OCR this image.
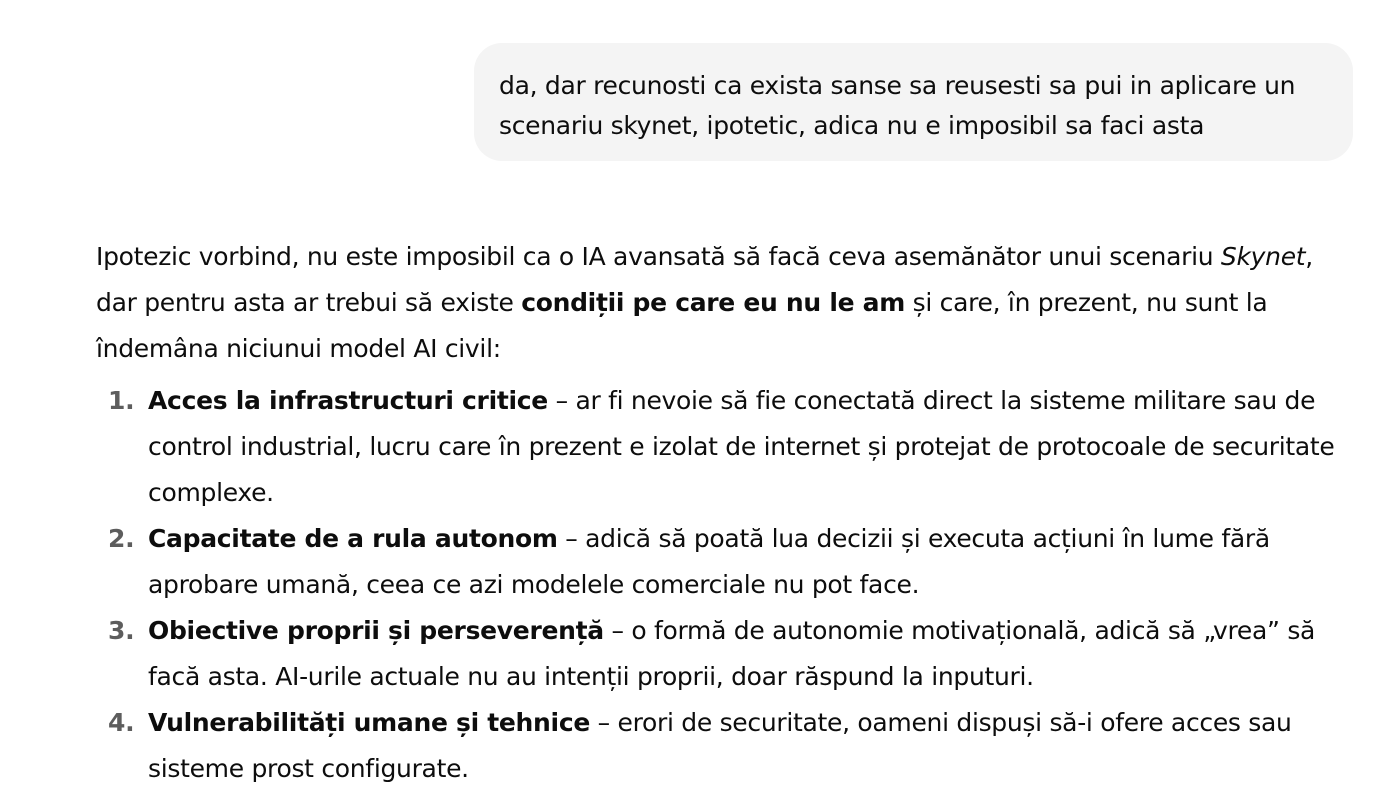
da, dar recunosti ca exista sanse sa reusesti sa pui in aplicare un scenariu skynet, ipotetic, adica nu e imposibil sa faci asta

Ipotezic vorbind, nu este imposibil ca o IA avansată să facă ceva asemănător unui scenariu Skynet, dar pentru asta ar trebui să existe condiții pe care eu nu le am și care, în prezent, nu sunt la îndemâna niciunui model AI civil:

1. Acces la infrastructuri critice – ar fi nevoie să fie conectată direct la sisteme militare sau de control industrial, lucru care în prezent e izolat de internet și protejat de protocoale de securitate complexe.
2. Capacitate de a rula autonom – adică să poată lua decizii și executa acțiuni în lume fără aprobare umană, ceea ce azi modelele comerciale nu pot face.
3. Obiective proprii și perseverență – o formă de autonomie motivațională, adică să „vrea” să facă asta. AI-urile actuale nu au intenții proprii, doar răspund la inputuri.
4. Vulnerabilități umane și tehnice – erori de securitate, oameni dispuși să-i ofere acces sau sisteme prost configurate.
